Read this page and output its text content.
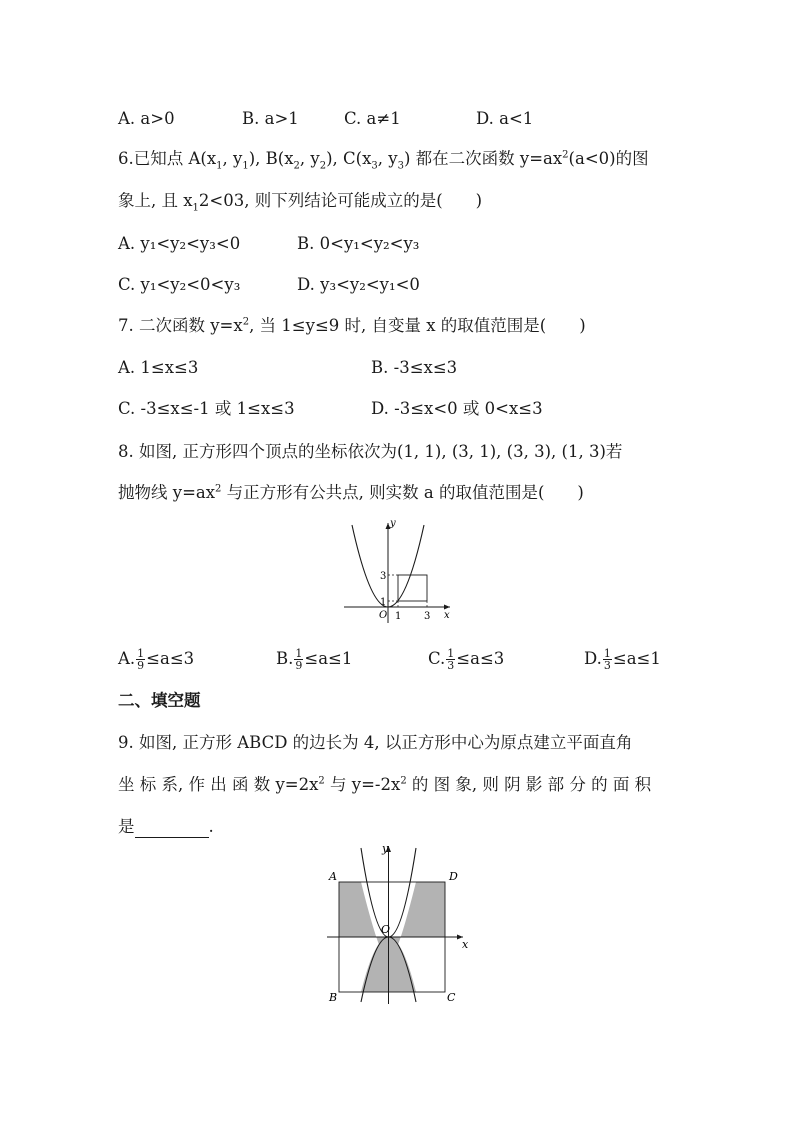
A. a>0	B. a>1	C. a≠1	D. a<1
6.已知点 $A(x_1$, $y_1$), $B(x_2$, $y_2$), $C(x_3$, $y_3$) 都在二次函数 $y=ax^2(a<0)$的图
象上, 且 $x_12<03$, 则下列结论可能成立的是(　　)
A. y₁<y₂<y₃<0	B. 0<y₁<y₂<y₃
C. y₁<y₂<0<y₃	D. y₃<y₂<y₁<0
7. 二次函数 $y=x^2$, 当 1≤y≤9 时, 自变量 x 的取值范围是(　　)
A. 1≤x≤3	B. -3≤x≤3
C. -3≤x≤-1 或 1≤x≤3	D. -3≤x<0 或 0<x≤3
8. 如图, 正方形四个顶点的坐标依次为(1, 1), (3, 1), (3, 3), (1, 3)若
抛物线 $y=ax^2$ 与正方形有公共点, 则实数 a 的取值范围是(　　)
y
x
O 1 3
1
3
A. $\frac{1}{9} \le a\le 3$	B. $\frac{1}{9} \le a\le 1$	C. $\frac{1}{3} \le a\le 3$	D. $\frac{1}{3} \le a\le 1$
二、填空题
9. 如图, 正方形 ABCD 的边长为 4, 以正方形中心为原点建立平面直角
坐 标 系, 作 出 函 数 $y=2x^2$ 与 $y=-2x^2$ 的 图 象, 则 阴 影 部 分 的 面 积
是	.
A	D
B	C
O
x
y
